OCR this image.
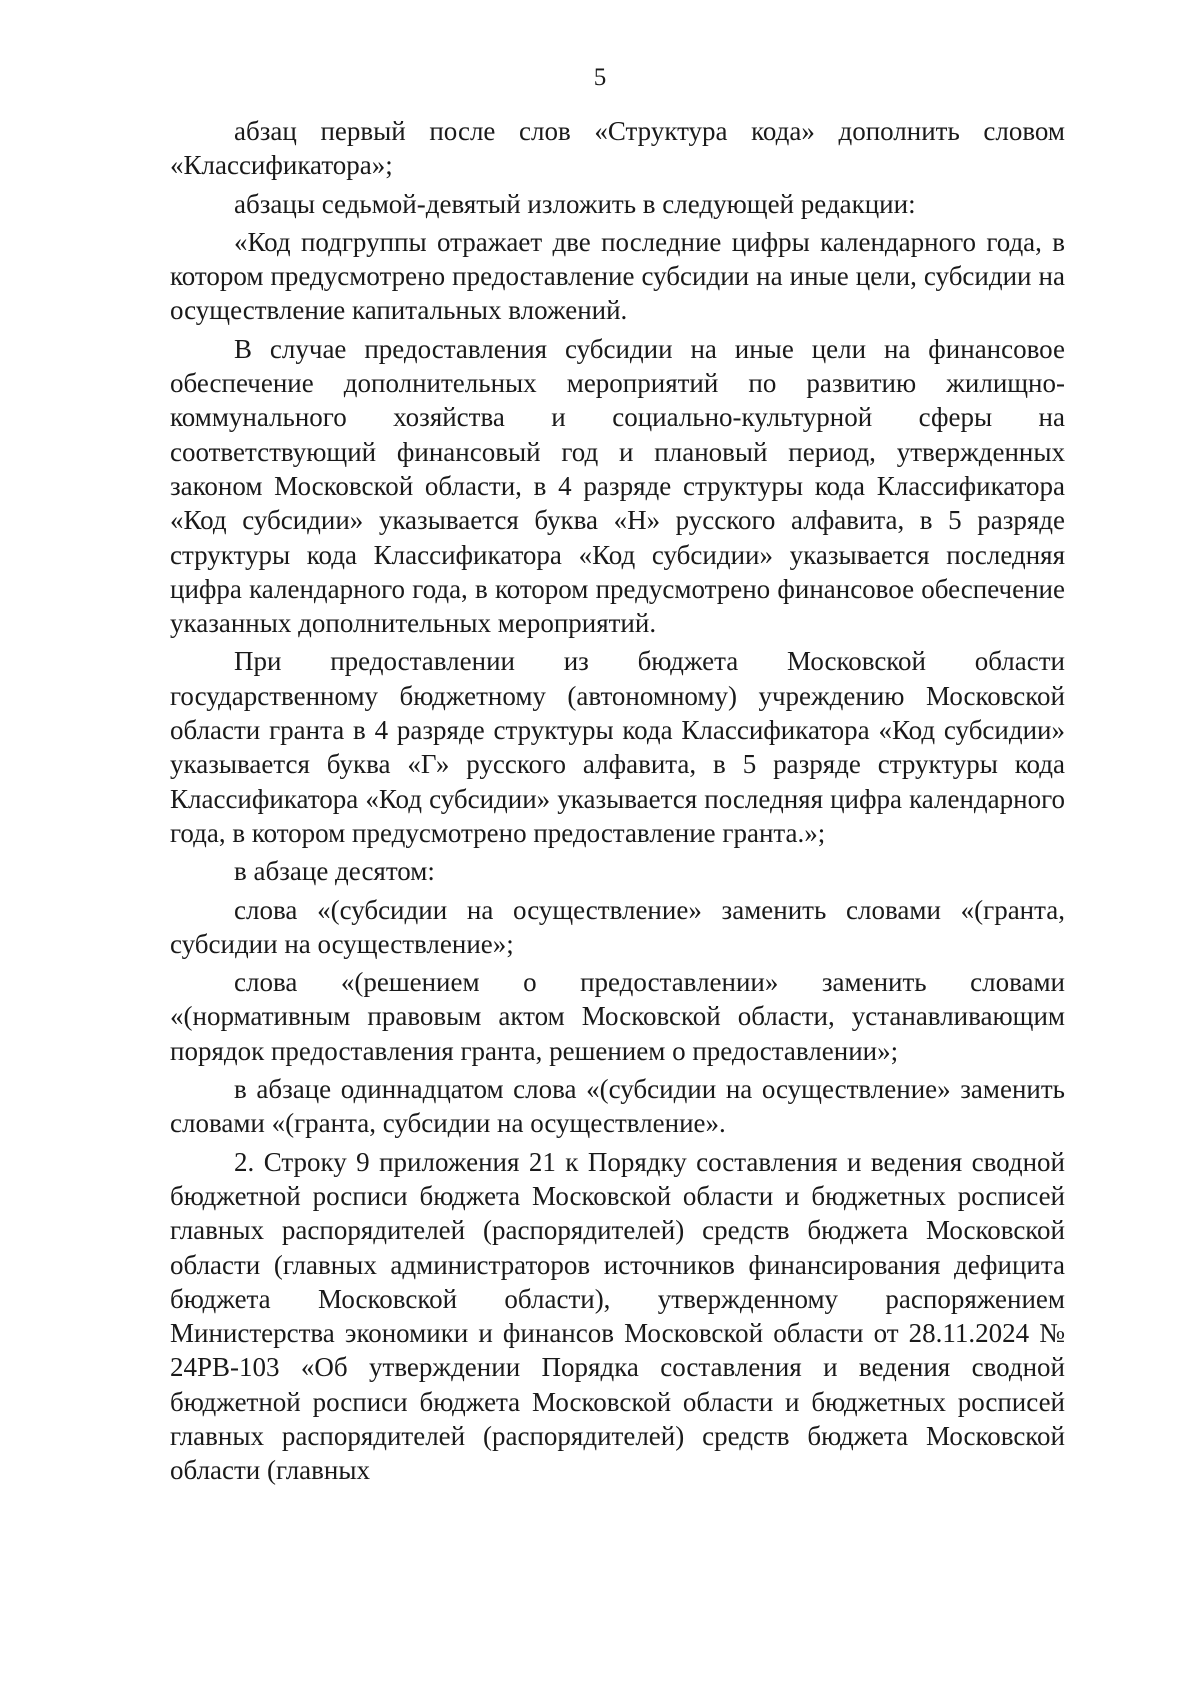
5

абзац первый после слов «Структура кода» дополнить словом «Классификатора»;

абзацы седьмой-девятый изложить в следующей редакции:

«Код подгруппы отражает две последние цифры календарного года, в котором предусмотрено предоставление субсидии на иные цели, субсидии на осуществление капитальных вложений.

В случае предоставления субсидии на иные цели на финансовое обеспечение дополнительных мероприятий по развитию жилищно-коммунального хозяйства и социально-культурной сферы на соответствующий финансовый год и плановый период, утвержденных законом Московской области, в 4 разряде структуры кода Классификатора «Код субсидии» указывается буква «Н» русского алфавита, в 5 разряде структуры кода Классификатора «Код субсидии» указывается последняя цифра календарного года, в котором предусмотрено финансовое обеспечение указанных дополнительных мероприятий.

При предоставлении из бюджета Московской области государственному бюджетному (автономному) учреждению Московской области гранта в 4 разряде структуры кода Классификатора «Код субсидии» указывается буква «Г» русского алфавита, в 5 разряде структуры кода Классификатора «Код субсидии» указывается последняя цифра календарного года, в котором предусмотрено предоставление гранта.»;

в абзаце десятом:

слова «(субсидии на осуществление» заменить словами «(гранта, субсидии на осуществление»;

слова «(решением о предоставлении» заменить словами «(нормативным правовым актом Московской области, устанавливающим порядок предоставления гранта, решением о предоставлении»;

в абзаце одиннадцатом слова «(субсидии на осуществление» заменить словами «(гранта, субсидии на осуществление».

2. Строку 9 приложения 21 к Порядку составления и ведения сводной бюджетной росписи бюджета Московской области и бюджетных росписей главных распорядителей (распорядителей) средств бюджета Московской области (главных администраторов источников финансирования дефицита бюджета Московской области), утвержденному распоряжением Министерства экономики и финансов Московской области от 28.11.2024 № 24РВ-103 «Об утверждении Порядка составления и ведения сводной бюджетной росписи бюджета Московской области и бюджетных росписей главных распорядителей (распорядителей) средств бюджета Московской области (главных
